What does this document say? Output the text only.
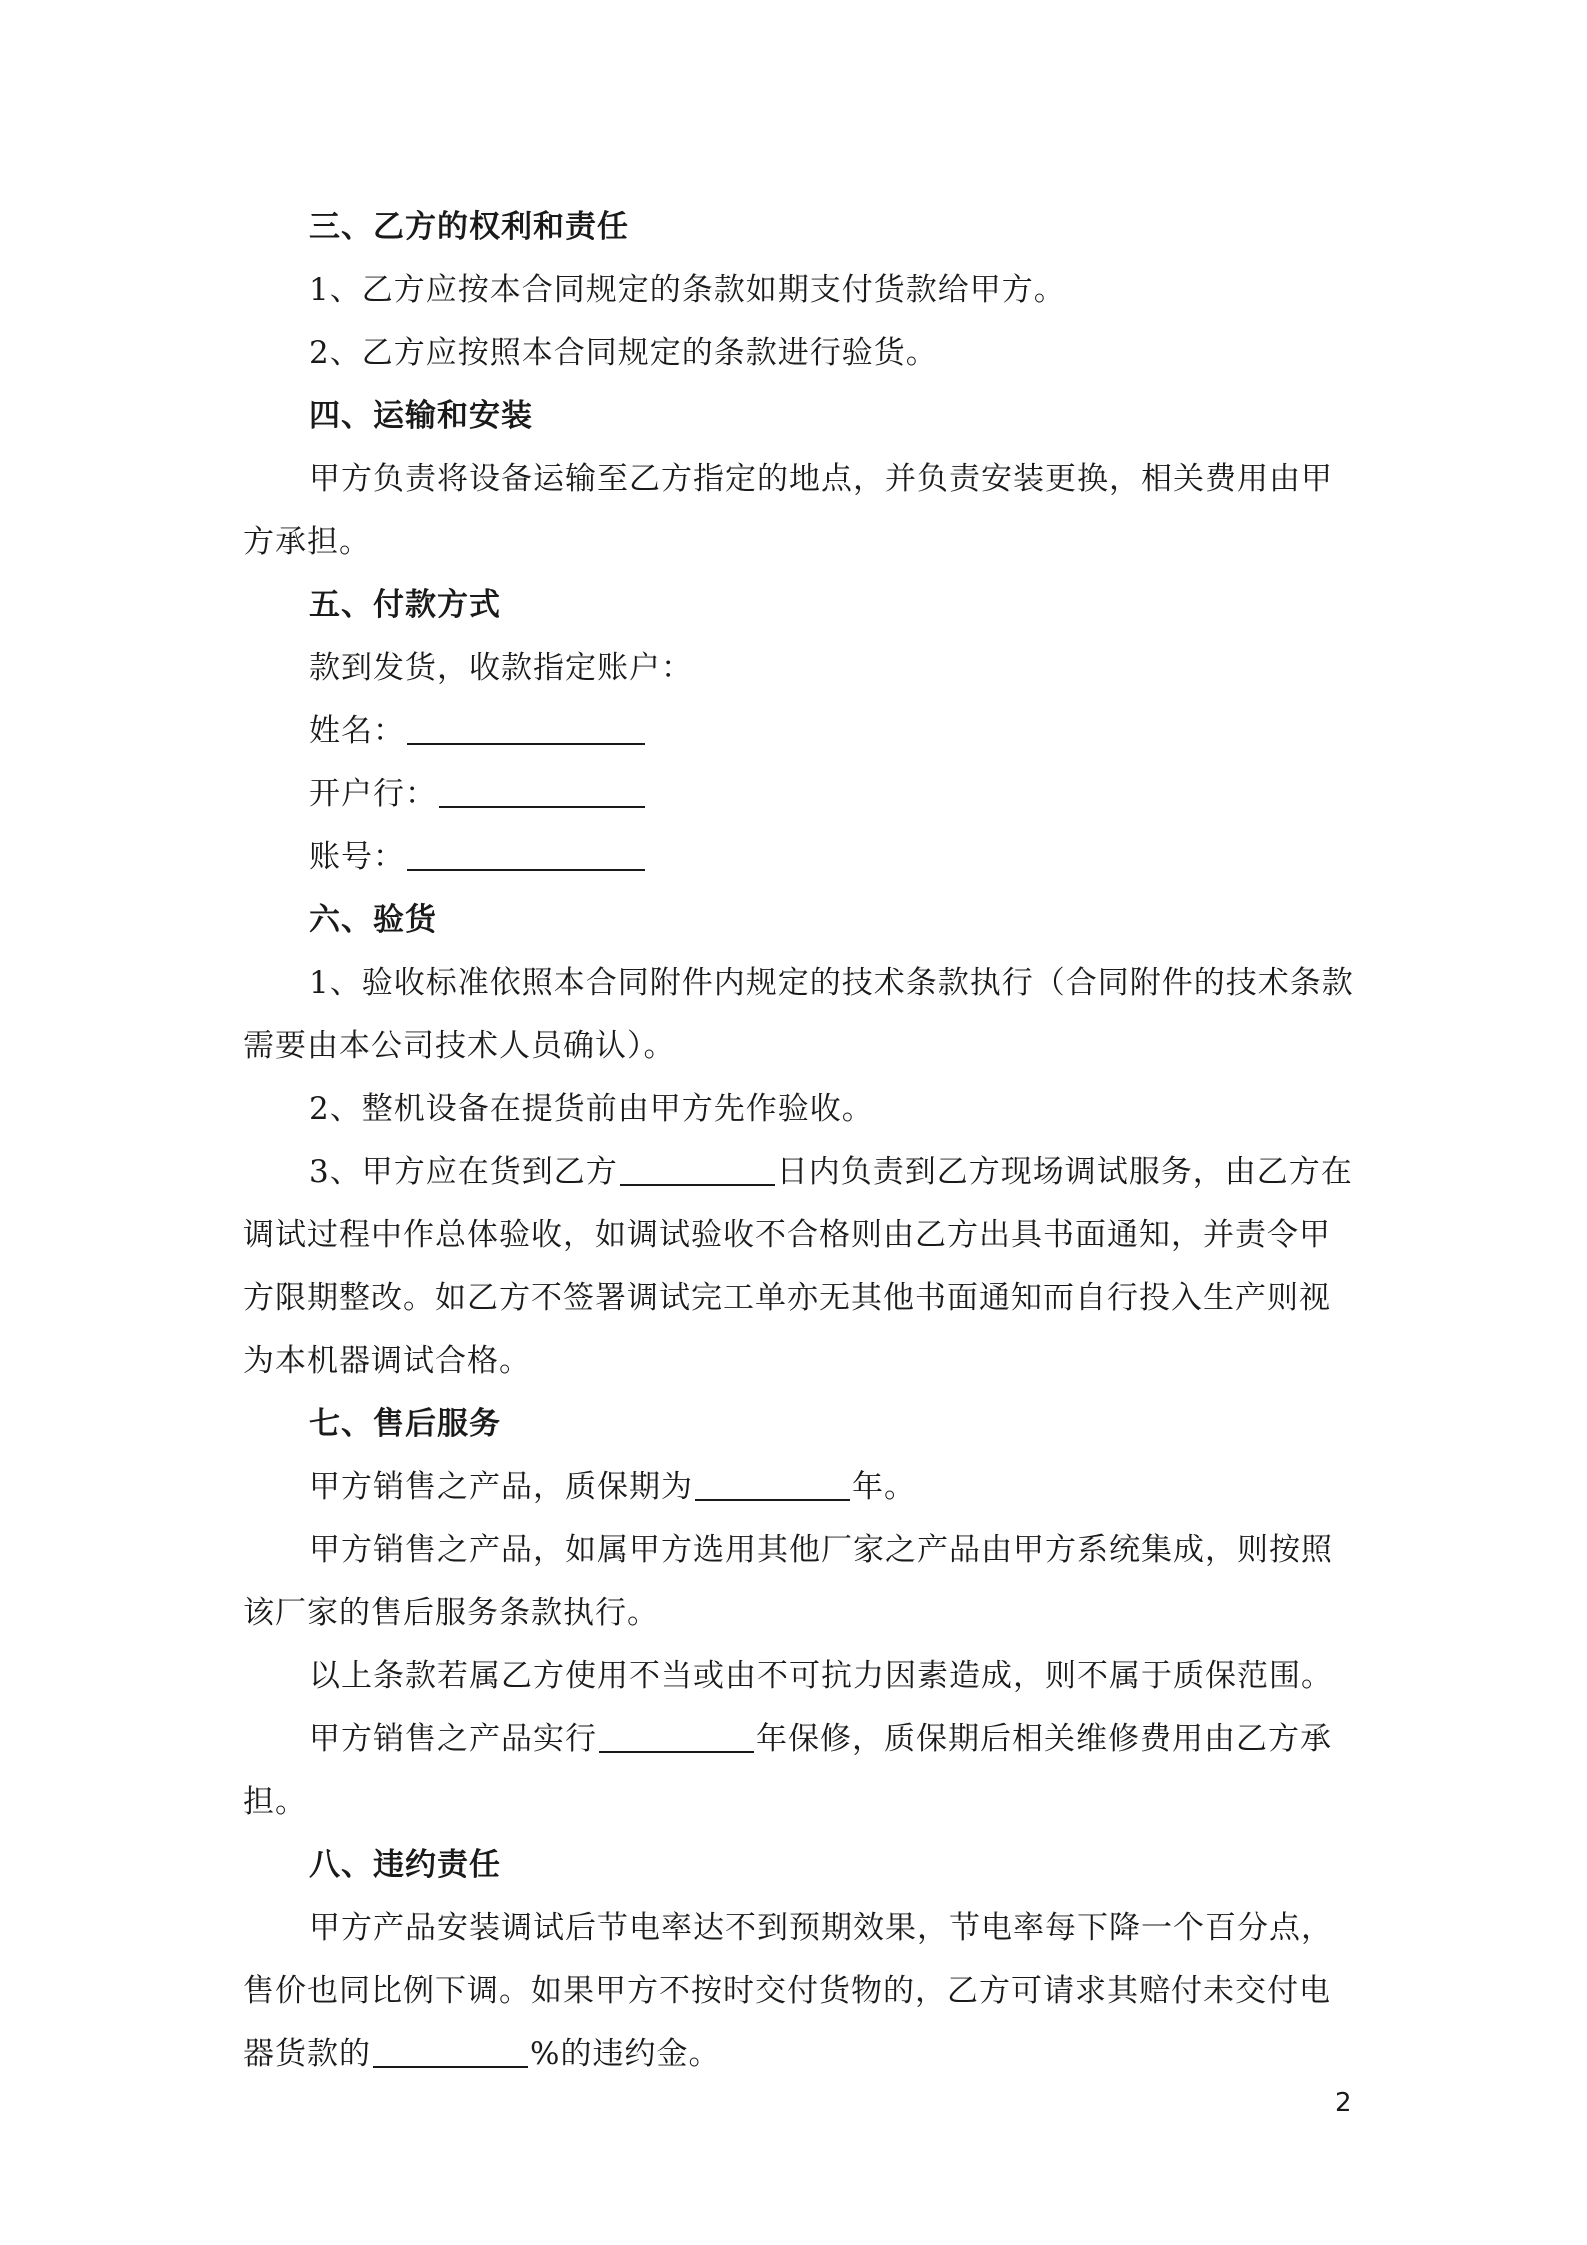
三、乙方的权利和责任

1、乙方应按本合同规定的条款如期支付货款给甲方。

2、乙方应按照本合同规定的条款进行验货。

四、运输和安装

甲方负责将设备运输至乙方指定的地点，并负责安装更换，相关费用由甲方承担。

五、付款方式

款到发货，收款指定账户：

姓名：

开户行：

账号：

六、验货

1、验收标准依照本合同附件内规定的技术条款执行（合同附件的技术条款需要由本公司技术人员确认）。

2、整机设备在提货前由甲方先作验收。

3、甲方应在货到乙方	日内负责到乙方现场调试服务，由乙方在调试过程中作总体验收，如调试验收不合格则由乙方出具书面通知，并责令甲方限期整改。如乙方不签署调试完工单亦无其他书面通知而自行投入生产则视为本机器调试合格。

七、售后服务

甲方销售之产品，质保期为	年。

甲方销售之产品，如属甲方选用其他厂家之产品由甲方系统集成，则按照该厂家的售后服务条款执行。

以上条款若属乙方使用不当或由不可抗力因素造成，则不属于质保范围。

甲方销售之产品实行	年保修，质保期后相关维修费用由乙方承担。

八、违约责任

甲方产品安装调试后节电率达不到预期效果，节电率每下降一个百分点，售价也同比例下调。如果甲方不按时交付货物的，乙方可请求其赔付未交付电器货款的	%的违约金。

2
